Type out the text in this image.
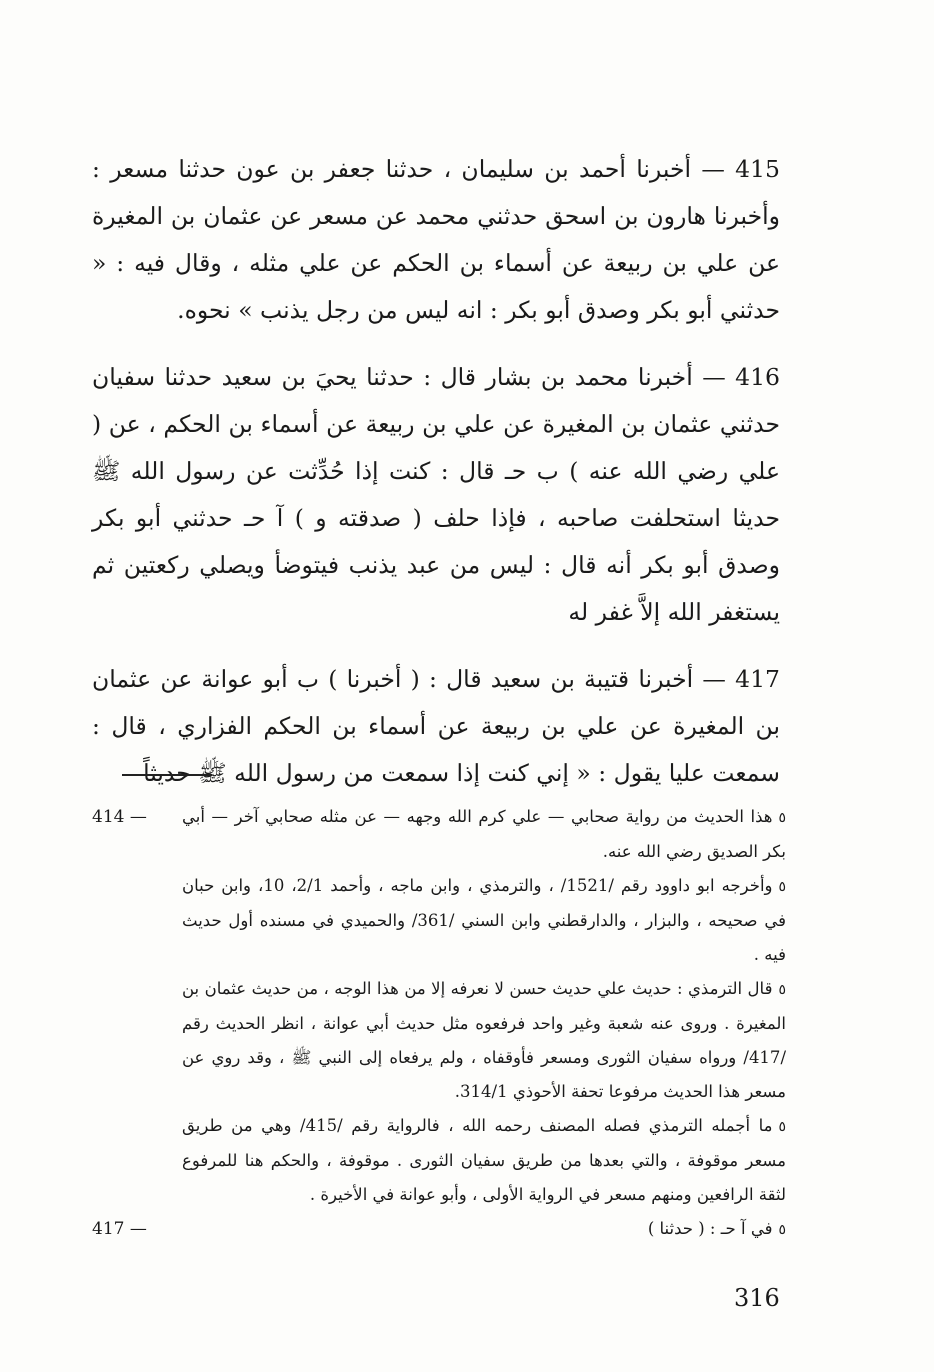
415 — أخبرنا أحمد بن سليمان ، حدثنا جعفر بن عون حدثنا مسعر : وأخبرنا هارون بن اسحق حدثني محمد عن مسعر عن عثمان بن المغيرة عن علي بن ربيعة عن أسماء بن الحكم عن علي مثله ، وقال فيه : « حدثني أبو بكر وصدق أبو بكر : انه ليس من رجل يذنب » نحوه.

416 — أخبرنا محمد بن بشار قال : حدثنا يحيَ بن سعيد حدثنا سفيان حدثني عثمان بن المغيرة عن علي بن ربيعة عن أسماء بن الحكم ، عن ( علي رضي الله عنه ) ب حـ قال : كنت إذا حُدِّثت عن رسول الله ﷺ حديثا استحلفت صاحبه ، فإذا حلف ( صدقته و ) آ حـ حدثني أبو بكر وصدق أبو بكر أنه قال : ليس من عبد يذنب فيتوضأ ويصلي ركعتين ثم يستغفر الله إلاَّ غفر له

417 — أخبرنا قتيبة بن سعيد قال : ( أخبرنا ) ب أبو عوانة عن عثمان بن المغيرة عن علي بن ربيعة عن أسماء بن الحكم الفزاري ، قال : سمعت عليا يقول : « إني كنت إذا سمعت من رسول الله ﷺ حديثاً

٥هذا الحديث من رواية صحابي — علي كرم الله وجهه — عن مثله صحابي آخر — أبي بكر الصديق رضي الله عنه.

٥وأخرجه ابو داوود رقم /1521/ ، والترمذي ، وابن ماجه ، وأحمد 2/1، 10، وابن حبان في صحيحه ، والبزار ، والدارقطني وابن السني /361/ والحميدي في مسنده أول حديث فيه .

٥قال الترمذي : حديث علي حديث حسن لا نعرفه إلا من هذا الوجه ، من حديث عثمان بن المغيرة . وروى عنه شعبة وغير واحد فرفعوه مثل حديث أبي عوانة ، انظر الحديث رقم /417/ ورواه سفيان الثورى ومسعر فأوقفاه ، ولم يرفعاه إلى النبي ﷺ ، وقد روي عن مسعر هذا الحديث مرفوعا تحفة الأحوذي 314/1.

٥ما أجمله الترمذي فصله المصنف رحمه الله ، فالرواية رقم /415/ وهي من طريق مسعر موقوفة ، والتي بعدها من طريق سفيان الثورى . موقوفة ، والحكم هنا للمرفوع لثقة الرافعين ومنهم مسعر في الرواية الأولى ، وأبو عوانة في الأخيرة .

414 —

٥في آ حـ : ( حدثنا )

417 —
316
